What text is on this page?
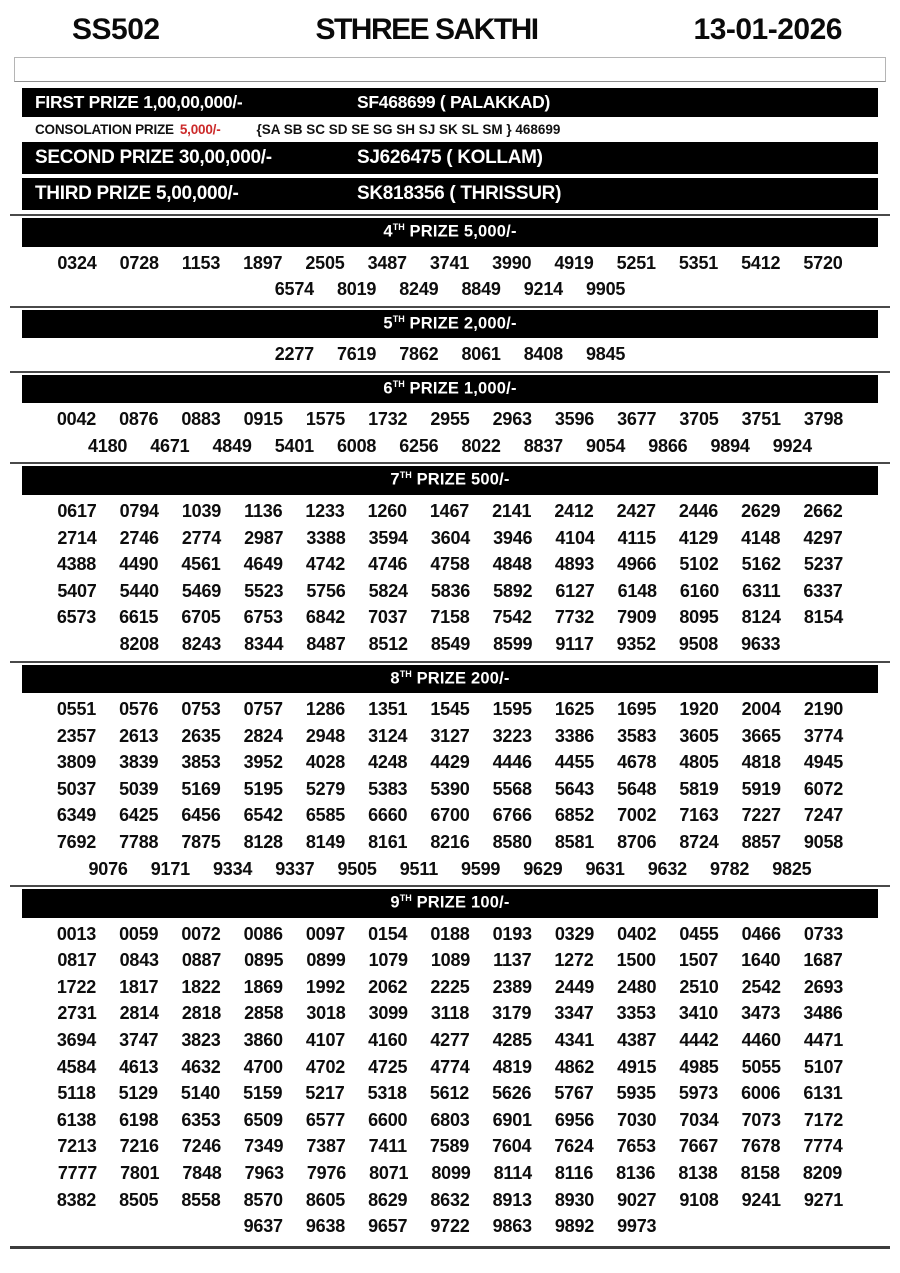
SS502	STHREE SAKTHI	13-01-2026
FIRST PRIZE 1,00,00,000/-	SF468699 ( PALAKKAD)
CONSOLATION PRIZE 5,000/-	{SA SB SC SD SE SG SH SJ SK SL SM } 468699
SECOND PRIZE 30,00,000/-	SJ626475 ( KOLLAM)
THIRD PRIZE 5,00,000/-	SK818356 ( THRISSUR)
4TH PRIZE 5,000/-
0324 0728 1153 1897 2505 3487 3741 3990 4919 5251 5351 5412 5720
6574 8019 8249 8849 9214 9905
5TH PRIZE 2,000/-
2277 7619 7862 8061 8408 9845
6TH PRIZE 1,000/-
0042 0876 0883 0915 1575 1732 2955 2963 3596 3677 3705 3751 3798
4180 4671 4849 5401 6008 6256 8022 8837 9054 9866 9894 9924
7TH PRIZE 500/-
0617 0794 1039 1136 1233 1260 1467 2141 2412 2427 2446 2629 2662
2714 2746 2774 2987 3388 3594 3604 3946 4104 4115 4129 4148 4297
4388 4490 4561 4649 4742 4746 4758 4848 4893 4966 5102 5162 5237
5407 5440 5469 5523 5756 5824 5836 5892 6127 6148 6160 6311 6337
6573 6615 6705 6753 6842 7037 7158 7542 7732 7909 8095 8124 8154
8208 8243 8344 8487 8512 8549 8599 9117 9352 9508 9633
8TH PRIZE 200/-
0551 0576 0753 0757 1286 1351 1545 1595 1625 1695 1920 2004 2190
2357 2613 2635 2824 2948 3124 3127 3223 3386 3583 3605 3665 3774
3809 3839 3853 3952 4028 4248 4429 4446 4455 4678 4805 4818 4945
5037 5039 5169 5195 5279 5383 5390 5568 5643 5648 5819 5919 6072
6349 6425 6456 6542 6585 6660 6700 6766 6852 7002 7163 7227 7247
7692 7788 7875 8128 8149 8161 8216 8580 8581 8706 8724 8857 9058
9076 9171 9334 9337 9505 9511 9599 9629 9631 9632 9782 9825
9TH PRIZE 100/-
0013 0059 0072 0086 0097 0154 0188 0193 0329 0402 0455 0466 0733
0817 0843 0887 0895 0899 1079 1089 1137 1272 1500 1507 1640 1687
1722 1817 1822 1869 1992 2062 2225 2389 2449 2480 2510 2542 2693
2731 2814 2818 2858 3018 3099 3118 3179 3347 3353 3410 3473 3486
3694 3747 3823 3860 4107 4160 4277 4285 4341 4387 4442 4460 4471
4584 4613 4632 4700 4702 4725 4774 4819 4862 4915 4985 5055 5107
5118 5129 5140 5159 5217 5318 5612 5626 5767 5935 5973 6006 6131
6138 6198 6353 6509 6577 6600 6803 6901 6956 7030 7034 7073 7172
7213 7216 7246 7349 7387 7411 7589 7604 7624 7653 7667 7678 7774
7777 7801 7848 7963 7976 8071 8099 8114 8116 8136 8138 8158 8209
8382 8505 8558 8570 8605 8629 8632 8913 8930 9027 9108 9241 9271
9637 9638 9657 9722 9863 9892 9973
